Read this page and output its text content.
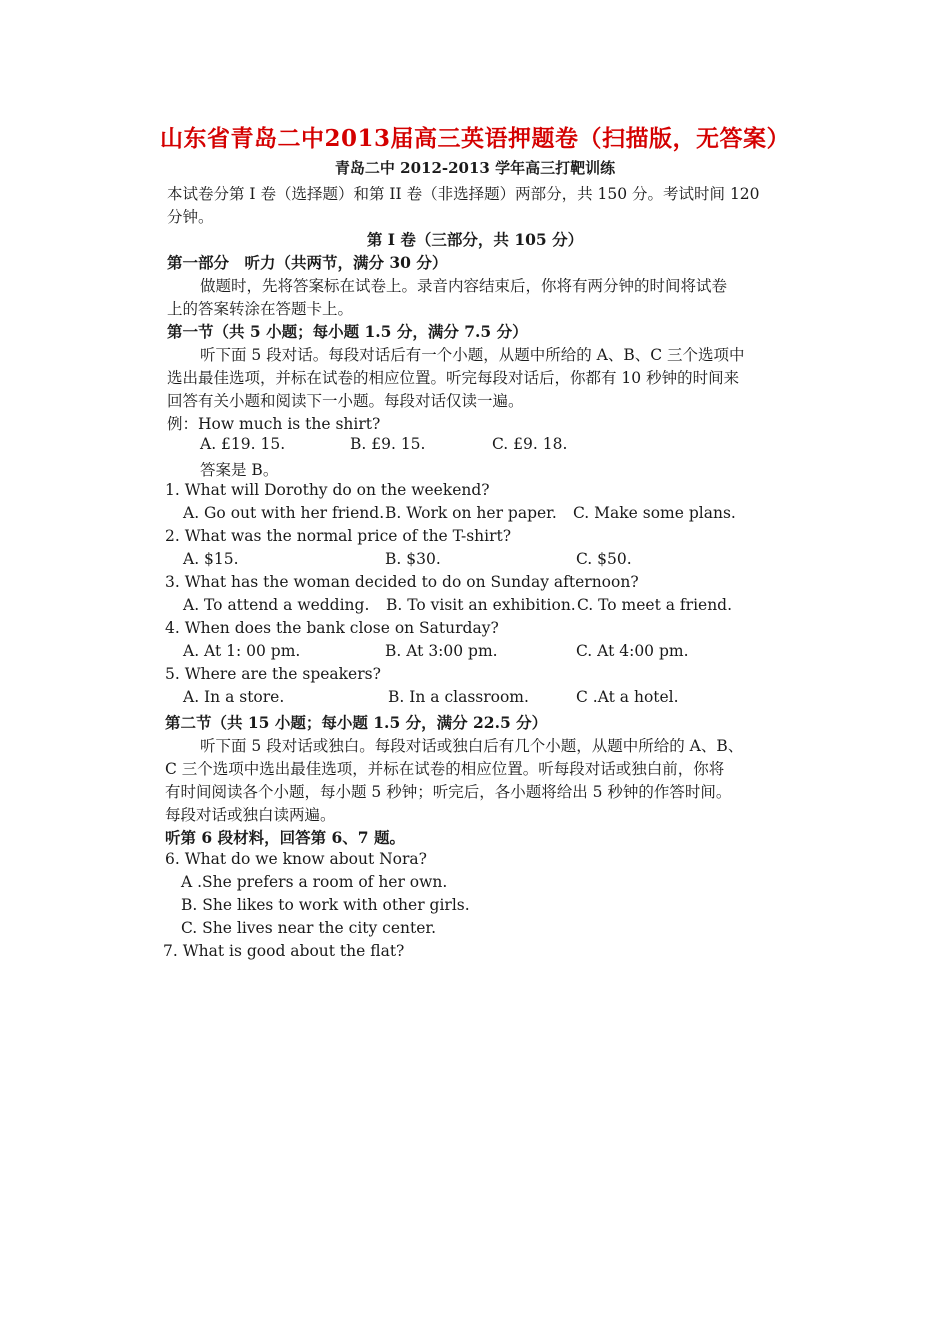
山东省青岛二中2013届高三英语押题卷（扫描版，无答案）
青岛二中 2012-2013 学年高三打靶训练
本试卷分第 I 卷（选择题）和第 II 卷（非选择题）两部分，共 150 分。考试时间 120
分钟。
第 I 卷（三部分，共 105 分）
第一部分　听力（共两节，满分 30 分）
做题时，先将答案标在试卷上。录音内容结束后，你将有两分钟的时间将试卷
上的答案转涂在答题卡上。
第一节（共 5 小题；每小题 1.5 分，满分 7.5 分）
听下面 5 段对话。每段对话后有一个小题，从题中所给的 A、B、C 三个选项中
选出最佳选项，并标在试卷的相应位置。听完每段对话后，你都有 10 秒钟的时间来
回答有关小题和阅读下一小题。每段对话仅读一遍。
例：How much is the shirt?
A. £19. 15.	B. £9. 15.	C. £9. 18.
答案是 B。
1. What will Dorothy do on the weekend?
A. Go out with her friend. B. Work on her paper. C. Make some plans.
2. What was the normal price of the T-shirt?
A. $15.	B. $30.	C. $50.
3. What has the woman decided to do on Sunday afternoon?
A. To attend a wedding. B. To visit an exhibition. C. To meet a friend.
4. When does the bank close on Saturday?
A. At 1: 00 pm.	B. At 3:00 pm.	C. At 4:00 pm.
5. Where are the speakers?
A. In a store.	B. In a classroom.	C .At a hotel.
第二节（共 15 小题；每小题 1.5 分，满分 22.5 分）
听下面 5 段对话或独白。每段对话或独白后有几个小题，从题中所给的 A、B、
C 三个选项中选出最佳选项，并标在试卷的相应位置。听每段对话或独白前，你将
有时间阅读各个小题，每小题 5 秒钟；听完后，各小题将给出 5 秒钟的作答时间。
每段对话或独白读两遍。
听第 6 段材料，回答第 6、7 题。
6. What do we know about Nora?
A .She prefers a room of her own.
B. She likes to work with other girls.
C. She lives near the city center.
7. What is good about the flat?
